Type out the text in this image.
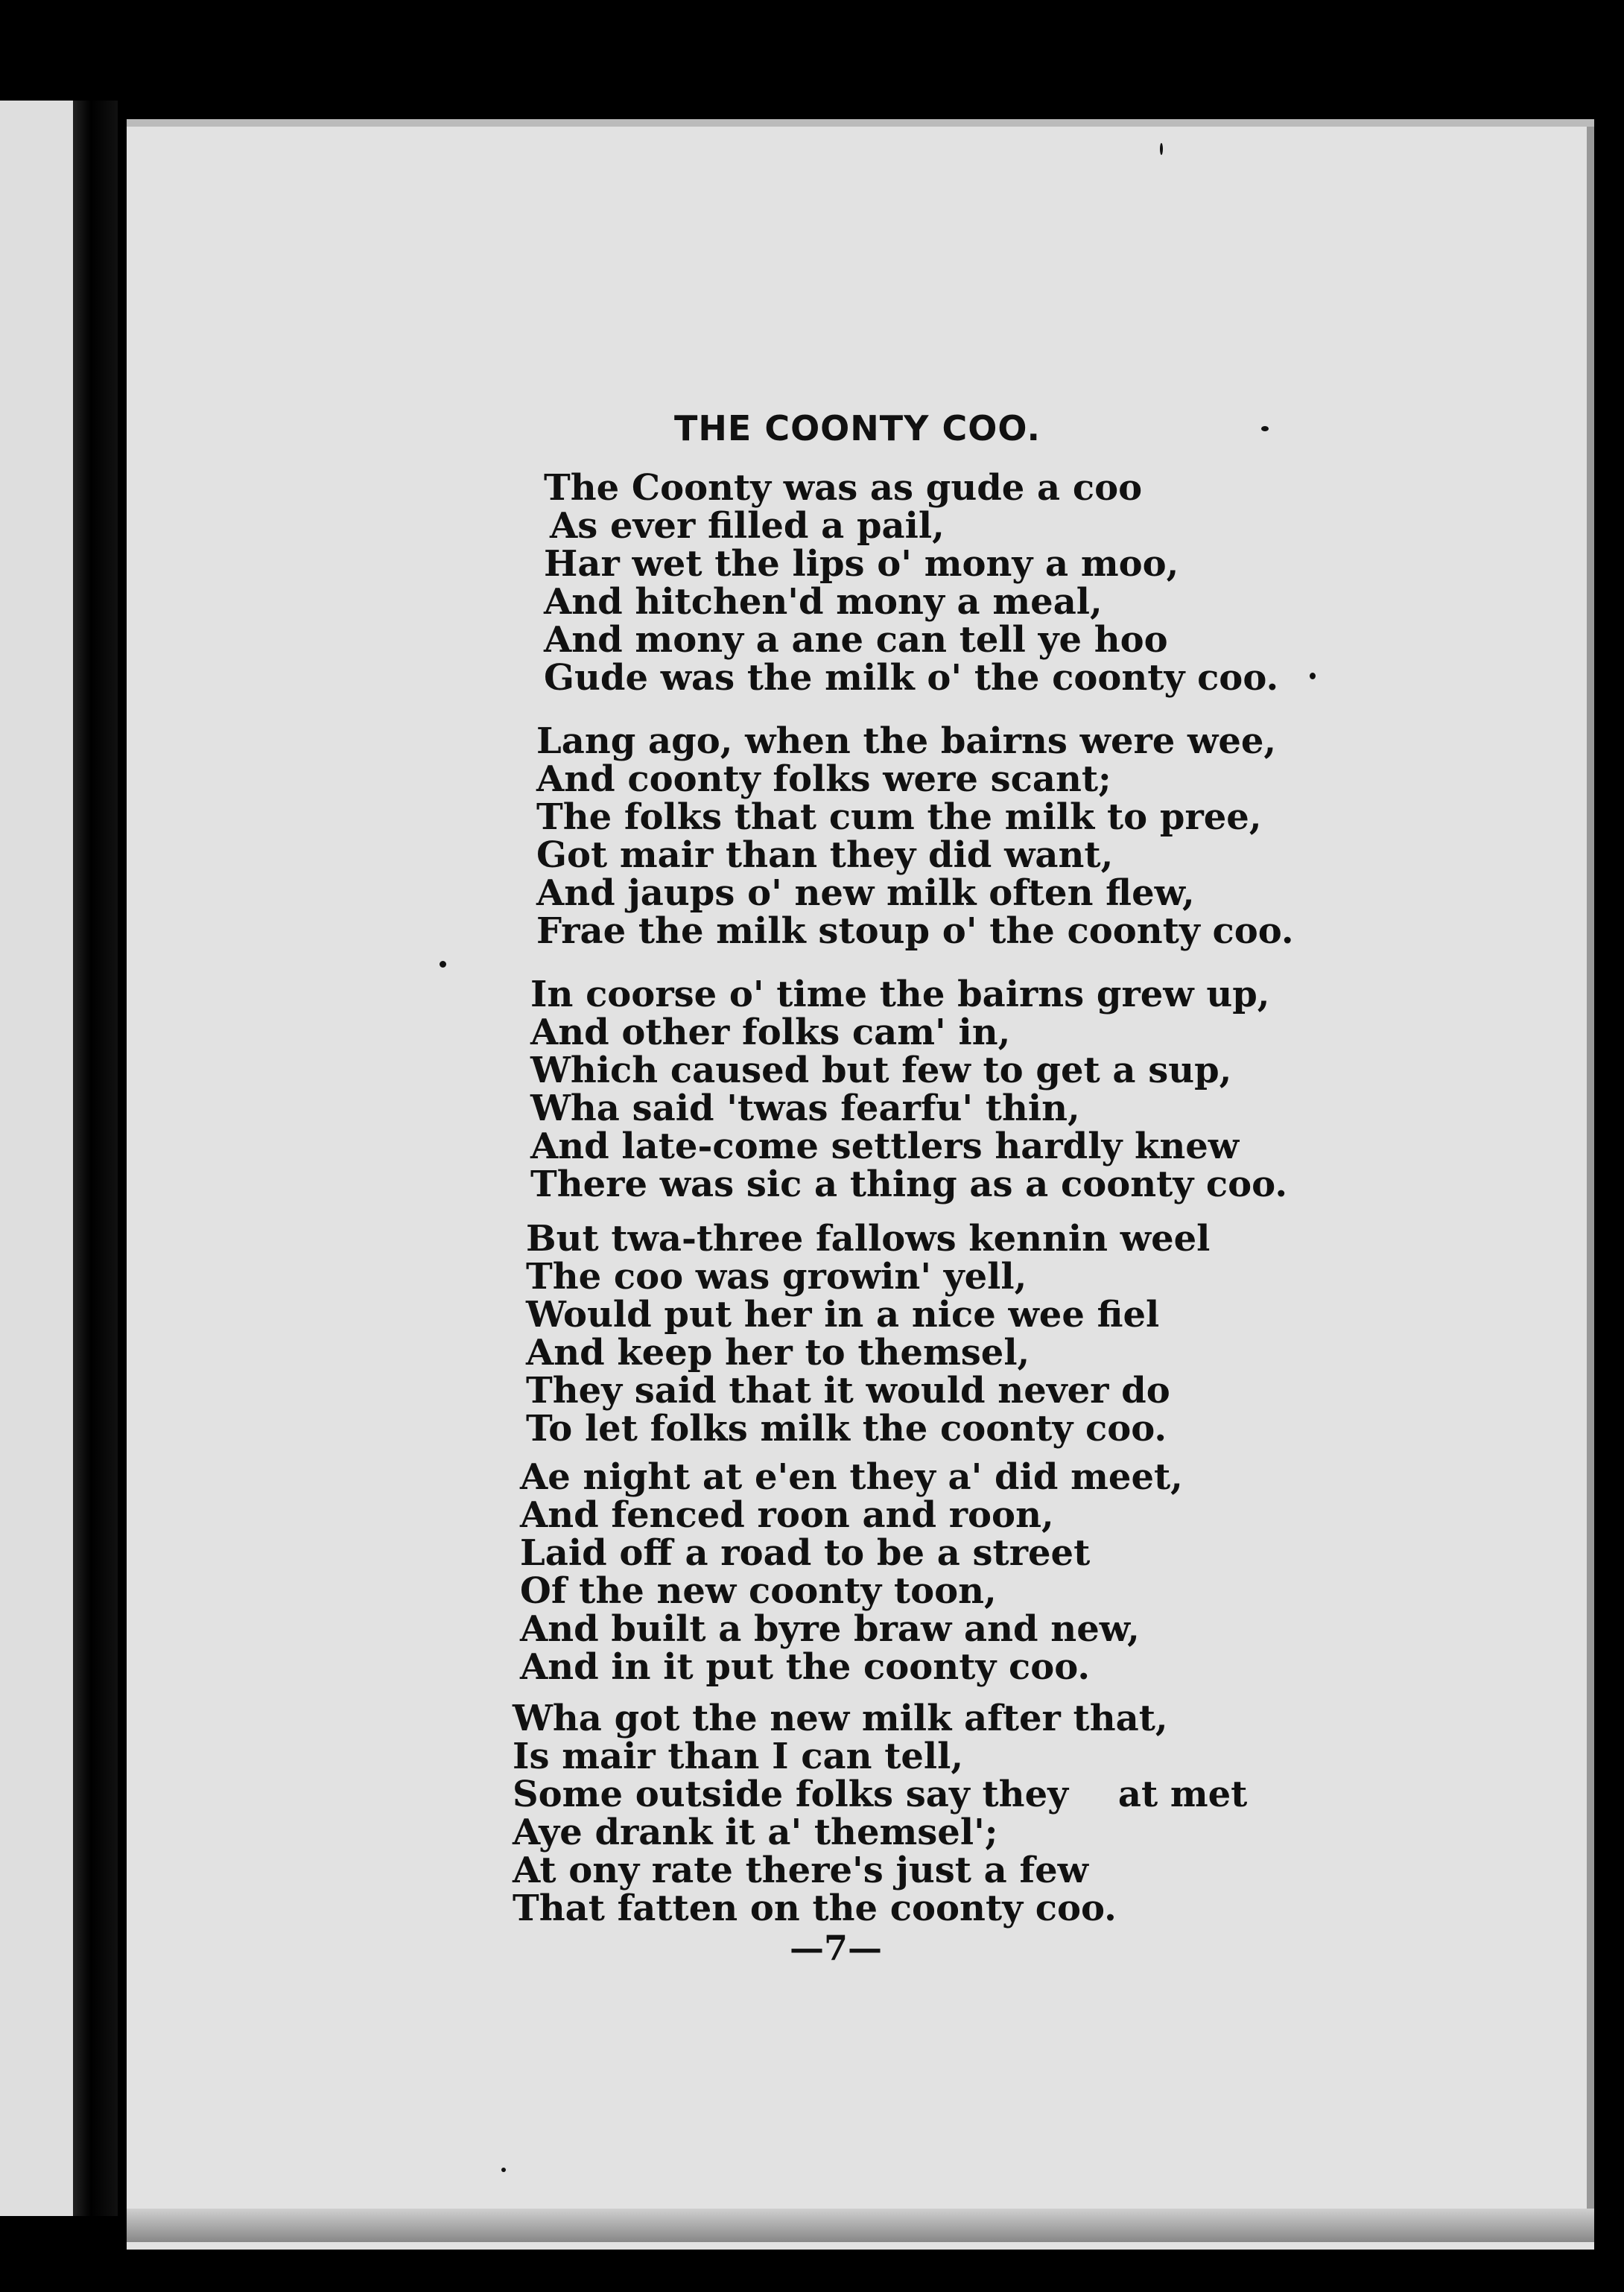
THE COONTY COO.
The Coonty was as gude a coo
As ever filled a pail,
Har wet the lips o' mony a moo,
And hitchen'd mony a meal,
And mony a ane can tell ye hoo
Gude was the milk o' the coonty coo.
Lang ago, when the bairns were wee,
And coonty folks were scant;
The folks that cum the milk to pree,
Got mair than they did want,
And jaups o' new milk often flew,
Frae the milk stoup o' the coonty coo.
In coorse o' time the bairns grew up,
And other folks cam' in,
Which caused but few to get a sup,
Wha said 'twas fearfu' thin,
And late-come settlers hardly knew
There was sic a thing as a coonty coo.
But twa-three fallows kennin weel
The coo was growin' yell,
Would put her in a nice wee fiel
And keep her to themsel,
They said that it would never do
To let folks milk the coonty coo.
Ae night at e'en they a' did meet,
And fenced roon and roon,
Laid off a road to be a street
Of the new coonty toon,
And built a byre braw and new,
And in it put the coonty coo.
Wha got the new milk after that,
Is mair than I can tell,
Some outside folks say they    at met
Aye drank it a' themsel';
At ony rate there's just a few
That fatten on the coonty coo.
—7—
